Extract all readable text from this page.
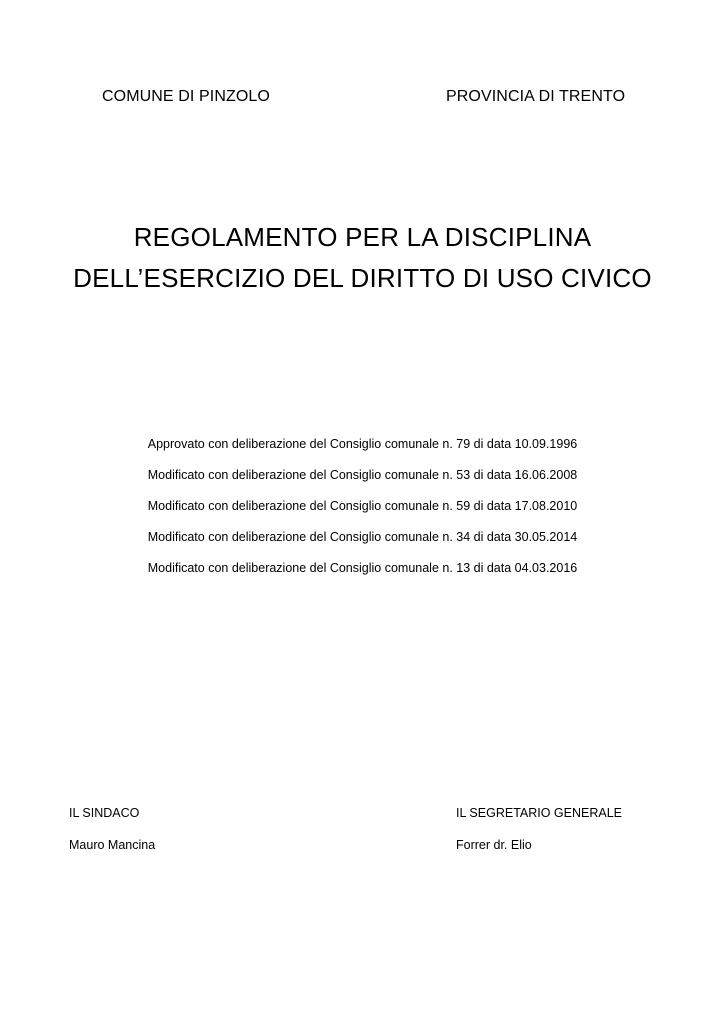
COMUNE DI PINZOLO	PROVINCIA DI TRENTO
REGOLAMENTO PER LA DISCIPLINA
DELL’ESERCIZIO DEL DIRITTO DI USO CIVICO
Approvato con deliberazione del Consiglio comunale n. 79 di data 10.09.1996
Modificato con deliberazione del Consiglio comunale n. 53 di data 16.06.2008
Modificato con deliberazione del Consiglio comunale n. 59 di data 17.08.2010
Modificato con deliberazione del Consiglio comunale n. 34 di data 30.05.2014
Modificato con deliberazione del Consiglio comunale n. 13 di data 04.03.2016
IL SINDACO
Mauro Mancina
IL SEGRETARIO GENERALE
Forrer dr. Elio
